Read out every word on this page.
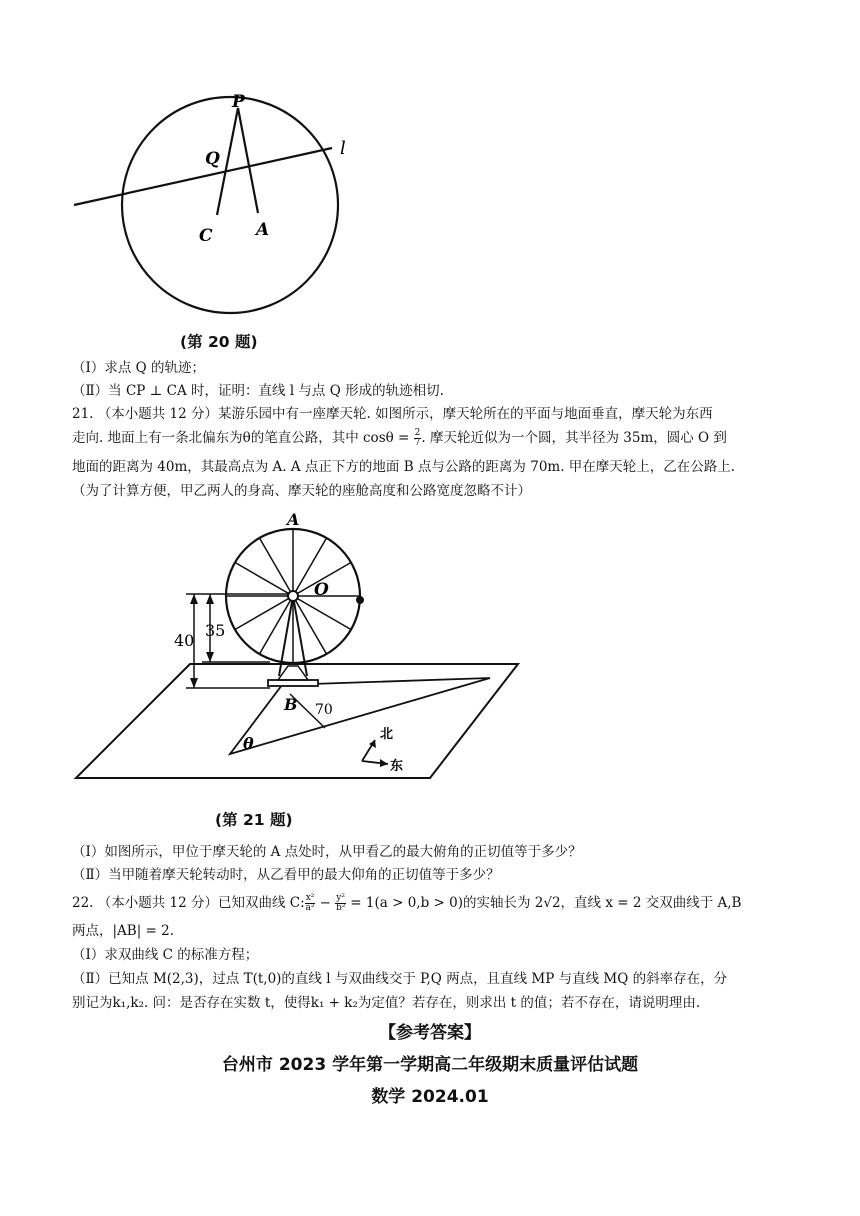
P
Q	l
C	A
(第 20 题)
（Ⅰ）求点 Q 的轨迹；
（Ⅱ）当 CP ⊥ CA 时，证明：直线 l 与点 Q 形成的轨迹相切.
21. （本小题共 12 分）某游乐园中有一座摩天轮. 如图所示，摩天轮所在的平面与地面垂直，摩天轮为东西
走向. 地面上有一条北偏东为θ的笔直公路，其中 $\cos\theta = \frac{2}{7}$ . 摩天轮近似为一个圆，其半径为 35m，圆心 O 到
地面的距离为 40m，其最高点为 A. A 点正下方的地面 B 点与公路的距离为 70m. 甲在摩天轮上，乙在公路上.
（为了计算方便，甲乙两人的身高、摩天轮的座舱高度和公路宽度忽略不计）
A
O
B
θ
40
35
70
北
东
(第 21 题)
（Ⅰ）如图所示，甲位于摩天轮的 A 点处时，从甲看乙的最大俯角的正切值等于多少？
（Ⅱ）当甲随着摩天轮转动时，从乙看甲的最大仰角的正切值等于多少？
22. （本小题共 12 分）已知双曲线 C: $\frac{\text{x²}}{\text{a²}} - \frac{\text{y²}}{\text{b²}} = 1(a > 0,b > 0)$的实轴长为 2√2，直线 x = 2 交双曲线于 A,B
两点，|AB| = 2.
（Ⅰ）求双曲线 C 的标准方程；
（Ⅱ）已知点 M(2,3)，过点 T(t,0)的直线 l 与双曲线交于 P,Q 两点，且直线 MP 与直线 MQ 的斜率存在，分
别记为k₁,k₂. 问：是否存在实数 t，使得k₁ + k₂为定值？若存在，则求出 t 的值；若不存在，请说明理由.
【参考答案】
台州市 2023 学年第一学期高二年级期末质量评估试题
数学 2024.01
